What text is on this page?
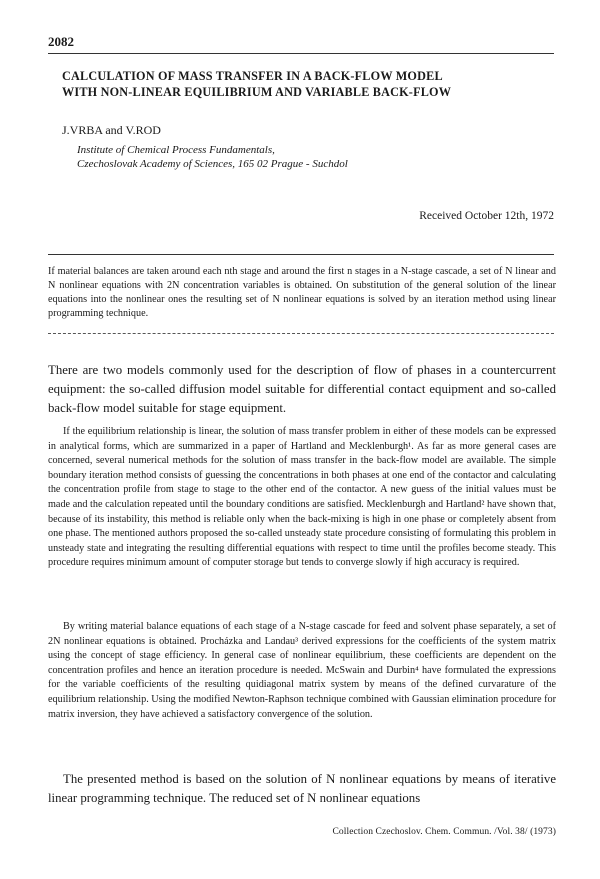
2082
CALCULATION OF MASS TRANSFER IN A BACK-FLOW MODEL
WITH NON-LINEAR EQUILIBRIUM AND VARIABLE BACK-FLOW
J.VRBA and V.ROD
Institute of Chemical Process Fundamentals,
Czechoslovak Academy of Sciences, 165 02 Prague - Suchdol
Received October 12th, 1972

If material balances are taken around each nth stage and around the first n stages in a N-stage cascade, a set of N linear and N nonlinear equations with 2N concentration variables is obtained. On substitution of the general solution of the linear equations into the nonlinear ones the resulting set of N nonlinear equations is solved by an iteration method using linear programming technique.

There are two models commonly used for the description of flow of phases in a countercurrent equipment: the so-called diffusion model suitable for differential contact equipment and so-called back-flow model suitable for stage equipment.

If the equilibrium relationship is linear, the solution of mass transfer problem in either of these models can be expressed in analytical forms, which are summarized in a paper of Hartland and Mecklenburgh¹. As far as more general cases are concerned, several numerical methods for the solution of mass transfer in the back-flow model are available. The simple boundary iteration method consists of guessing the concentrations in both phases at one end of the contactor and calculating the concentration profile from stage to stage to the other end of the contactor. A new guess of the initial values must be made and the calculation repeated until the boundary conditions are satisfied. Mecklenburgh and Hartland² have shown that, because of its instability, this method is reliable only when the back-mixing is high in one phase or completely absent from one phase. The mentioned authors proposed the so-called unsteady state procedure consisting of formulating this problem in unsteady state and integrating the resulting differential equations with respect to time until the profiles become steady. This procedure requires minimum amount of computer storage but tends to converge slowly if high accuracy is required.

By writing material balance equations of each stage of a N-stage cascade for feed and solvent phase separately, a set of 2N nonlinear equations is obtained. Procházka and Landau³ derived expressions for the coefficients of the system matrix using the concept of stage efficiency. In general case of nonlinear equilibrium, these coefficients are dependent on the concentration profiles and hence an iteration procedure is needed. McSwain and Durbin⁴ have formulated the expressions for the variable coefficients of the resulting quidiagonal matrix system by means of the defined curvarature of the equilibrium relationship. Using the modified Newton-Raphson technique combined with Gaussian elimination procedure for matrix inversion, they have achieved a satisfactory convergence of the solution.

The presented method is based on the solution of N nonlinear equations by means of iterative linear programming technique. The reduced set of N nonlinear equations

Collection Czechoslov. Chem. Commun. /Vol. 38/ (1973)
